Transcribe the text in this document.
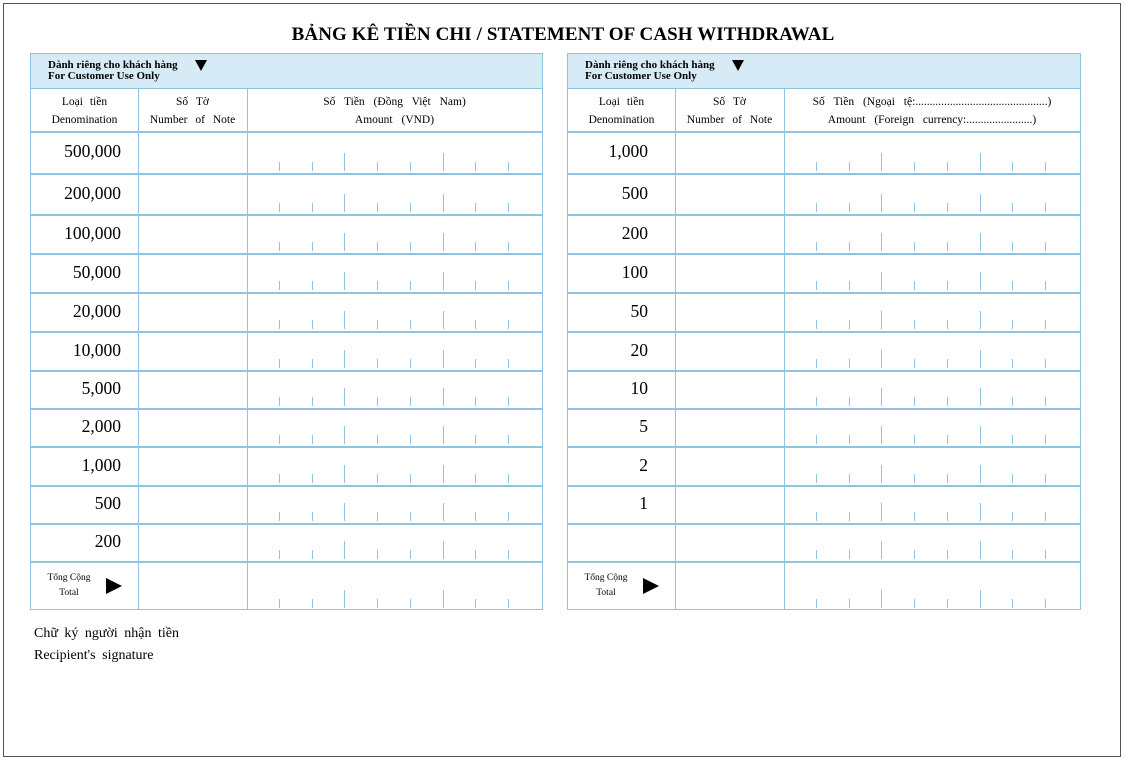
BẢNG KÊ TIỀN CHI / STATEMENT OF CASH WITHDRAWAL
Dành riêng cho khách hàng
For Customer Use Only
Loại tiền
Denomination
Số Tờ
Number of Note
Số Tiền (Đồng Việt Nam)
Amount (VND)
500,000
200,000
100,000
50,000
20,000
10,000
5,000
2,000
1,000
500
200
Tổng Cộng
Total
Dành riêng cho khách hàng
For Customer Use Only
Loại tiền
Denomination
Số Tờ
Number of Note
Số Tiền (Ngoại tệ:..............................................)
Amount (Foreign currency:.......................)
1,000
500
200
100
50
20
10
5
2
1
Tổng Cộng
Total
Chữ ký người nhận tiền
Recipient's signature
